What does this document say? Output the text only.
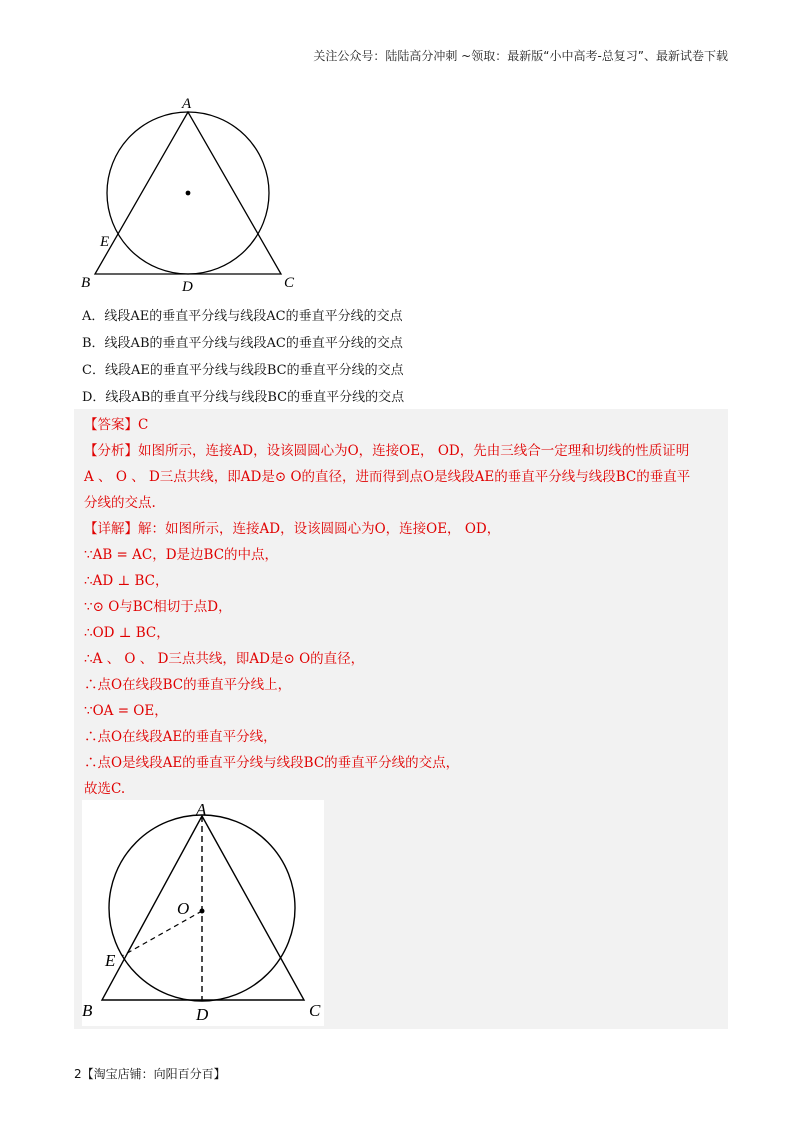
关注公众号：陆陆高分冲刺 ~领取：最新版“小中高考-总复习”、最新试卷下载
A
E
B	D	C
A．线段AE的垂直平分线与线段AC的垂直平分线的交点
B．线段AB的垂直平分线与线段AC的垂直平分线的交点
C．线段AE的垂直平分线与线段BC的垂直平分线的交点
D．线段AB的垂直平分线与线段BC的垂直平分线的交点
【答案】C
【分析】如图所示，连接AD，设该圆圆心为O，连接OE， OD，先由三线合一定理和切线的性质证明
A 、 O 、 D三点共线，即AD是⊙ O的直径，进而得到点O是线段AE的垂直平分线与线段BC的垂直平
分线的交点.
【详解】解：如图所示，连接AD，设该圆圆心为O，连接OE， OD，
∵AB = AC，D是边BC的中点，
∴AD ⊥ BC，
∵⊙ O与BC相切于点D，
∴OD ⊥ BC，
∴A 、 O 、 D三点共线，即AD是⊙ O的直径，
∴点O在线段BC的垂直平分线上，
∵OA = OE，
∴点O在线段AE的垂直平分线，
∴点O是线段AE的垂直平分线与线段BC的垂直平分线的交点，
故选C.
A
O
E
B	D	C
2【淘宝店铺：向阳百分百】
